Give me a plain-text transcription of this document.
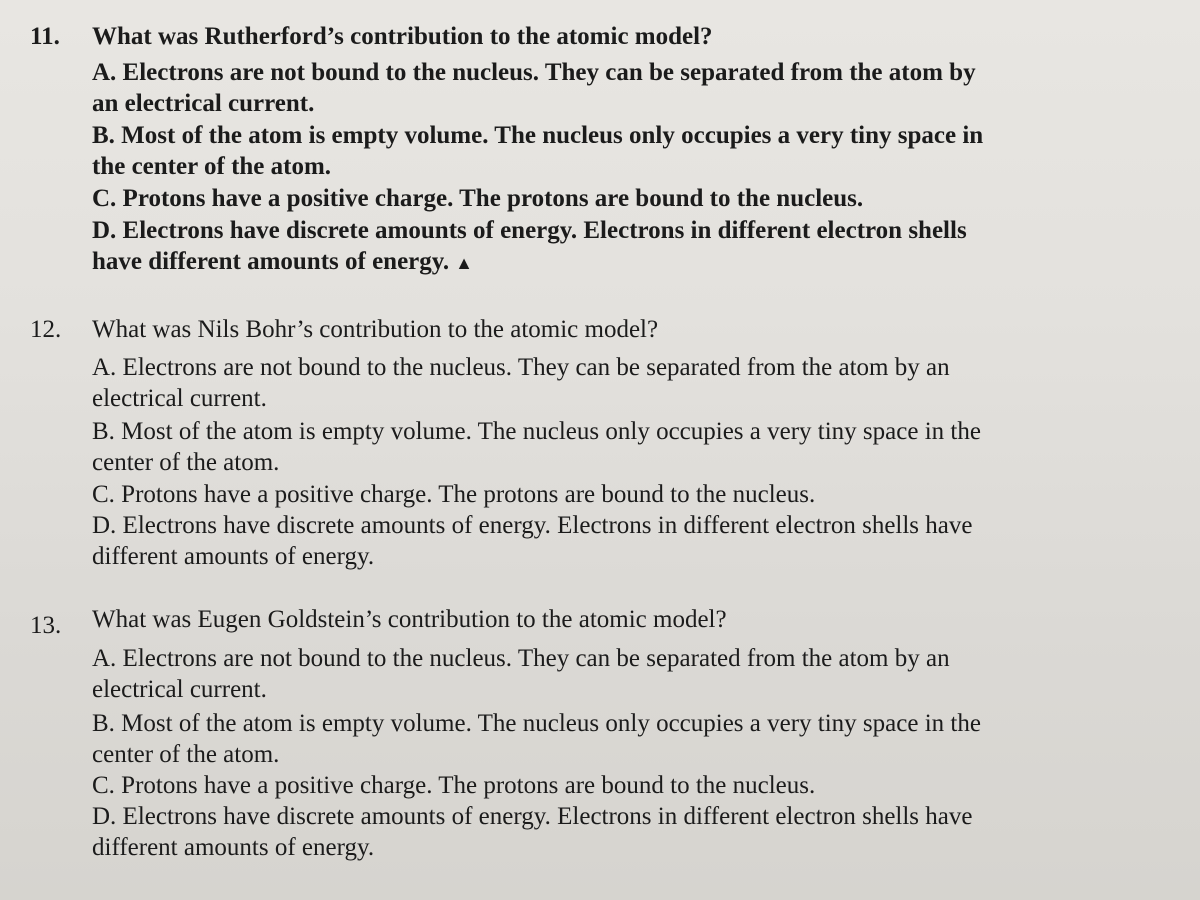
11. What was Rutherford’s contribution to the atomic model?
A. Electrons are not bound to the nucleus. They can be separated from the atom by an electrical current.
B. Most of the atom is empty volume. The nucleus only occupies a very tiny space in the center of the atom.
C. Protons have a positive charge. The protons are bound to the nucleus.
D. Electrons have discrete amounts of energy. Electrons in different electron shells have different amounts of energy. ▲
12. What was Nils Bohr’s contribution to the atomic model?
A. Electrons are not bound to the nucleus. They can be separated from the atom by an electrical current.
B. Most of the atom is empty volume. The nucleus only occupies a very tiny space in the center of the atom.
C. Protons have a positive charge. The protons are bound to the nucleus.
D. Electrons have discrete amounts of energy. Electrons in different electron shells have different amounts of energy.
13. What was Eugen Goldstein’s contribution to the atomic model?
A. Electrons are not bound to the nucleus. They can be separated from the atom by an electrical current.
B. Most of the atom is empty volume. The nucleus only occupies a very tiny space in the center of the atom.
C. Protons have a positive charge. The protons are bound to the nucleus.
D. Electrons have discrete amounts of energy. Electrons in different electron shells have different amounts of energy.
